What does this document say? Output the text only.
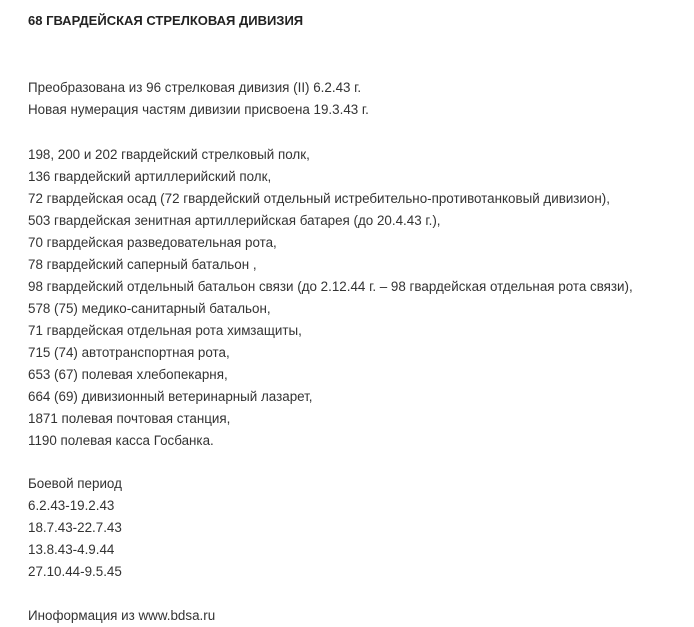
68 ГВАРДЕЙСКАЯ СТРЕЛКОВАЯ ДИВИЗИЯ
Преобразована из 96 стрелковая дивизия (II) 6.2.43 г.
Новая нумерация частям дивизии присвоена 19.3.43 г.
198, 200 и 202 гвардейский стрелковый полк,
136 гвардейский артиллерийский полк,
72 гвардейская осад (72 гвардейский отдельный истребительно-противотанковый дивизион),
503 гвардейская зенитная артиллерийская батарея (до 20.4.43 г.),
70 гвардейская разведовательная рота,
78 гвардейский саперный батальон ,
98 гвардейский отдельный батальон связи (до 2.12.44 г. – 98 гвардейская отдельная рота связи),
578 (75) медико-санитарный батальон,
71 гвардейская отдельная рота химзащиты,
715 (74) автотранспортная рота,
653 (67) полевая хлебопекарня,
664 (69) дивизионный ветеринарный лазарет,
1871 полевая почтовая станция,
1190 полевая касса Госбанка.
Боевой период
6.2.43-19.2.43
18.7.43-22.7.43
13.8.43-4.9.44
27.10.44-9.5.45
Иноформация из www.bdsa.ru
